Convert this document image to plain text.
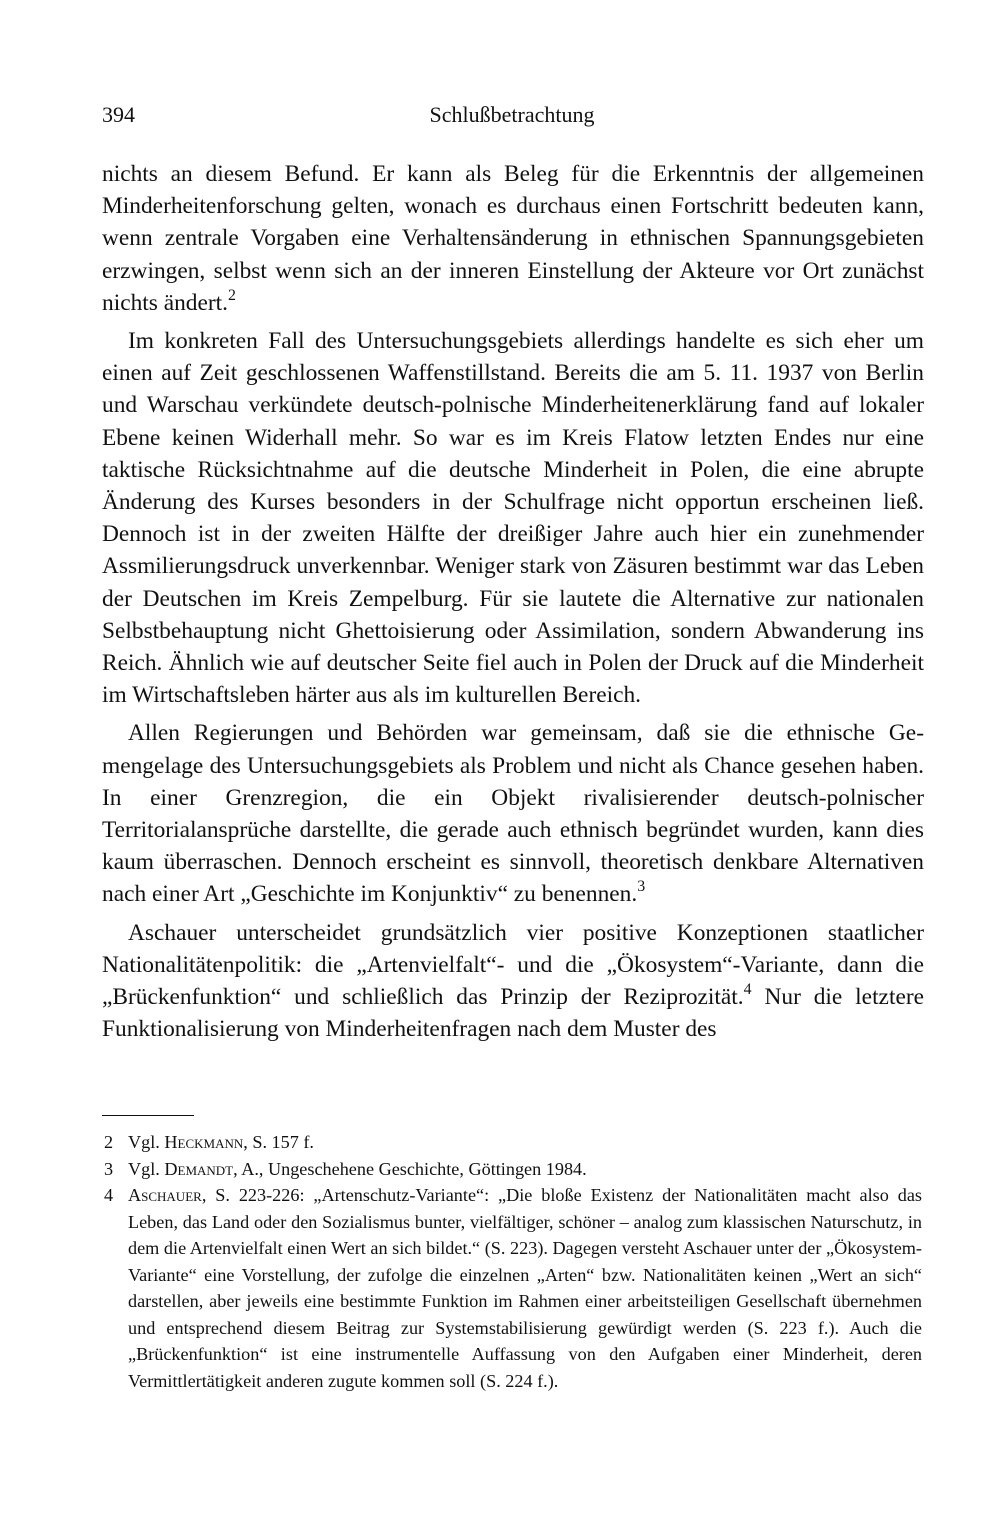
394	Schlußbetrachtung

nichts an diesem Befund. Er kann als Beleg für die Erkenntnis der allgemeinen Minderheitenforschung gelten, wonach es durchaus einen Fortschritt bedeuten kann, wenn zentrale Vorgaben eine Verhaltensänderung in ethnischen Spannungsgebieten erzwingen, selbst wenn sich an der inneren Einstellung der Akteure vor Ort zunächst nichts ändert.$^2$

Im konkreten Fall des Untersuchungsgebiets allerdings handelte es sich eher um einen auf Zeit geschlossenen Waffenstillstand. Bereits die am 5. 11. 1937 von Berlin und Warschau verkündete deutsch-polnische Minderheitenerklärung fand auf lokaler Ebene keinen Widerhall mehr. So war es im Kreis Flatow letzten Endes nur eine taktische Rücksichtnahme auf die deutsche Minderheit in Polen, die eine abrupte Änderung des Kurses besonders in der Schulfrage nicht opportun erscheinen ließ. Dennoch ist in der zweiten Hälfte der dreißiger Jahre auch hier ein zunehmender Assmilierungsdruck unverkennbar. Weniger stark von Zäsuren bestimmt war das Leben der Deutschen im Kreis Zempelburg. Für sie lautete die Alternative zur nationalen Selbstbehauptung nicht Ghettoisierung oder Assimilation, sondern Abwanderung ins Reich. Ähnlich wie auf deutscher Seite fiel auch in Polen der Druck auf die Minderheit im Wirtschaftsleben härter aus als im kulturellen Bereich.

Allen Regierungen und Behörden war gemeinsam, daß sie die ethnische Gemengelage des Untersuchungsgebiets als Problem und nicht als Chance gesehen haben. In einer Grenzregion, die ein Objekt rivalisierender deutsch-polnischer Territorialansprüche darstellte, die gerade auch ethnisch begründet wurden, kann dies kaum überraschen. Dennoch erscheint es sinnvoll, theoretisch denkbare Alternativen nach einer Art „Geschichte im Konjunktiv“ zu benennen.$^3$

Aschauer unterscheidet grundsätzlich vier positive Konzeptionen staatlicher Nationalitätenpolitik: die „Artenvielfalt“- und die „Ökosystem“-Variante, dann die „Brückenfunktion“ und schließlich das Prinzip der Reziprozität.$^4$ Nur die letztere Funktionalisierung von Minderheitenfragen nach dem Muster des

2 Vgl. Heckmann, S. 157 f.
3 Vgl. Demandt, A., Ungeschehene Geschichte, Göttingen 1984.
4 Aschauer, S. 223-226: „Artenschutz-Variante“: „Die bloße Existenz der Nationalitäten macht also das Leben, das Land oder den Sozialismus bunter, vielfältiger, schöner – analog zum klassischen Naturschutz, in dem die Artenvielfalt einen Wert an sich bildet.“ (S. 223). Dagegen versteht Aschauer unter der „Ökosystem-Variante“ eine Vorstellung, der zufolge die einzelnen „Arten“ bzw. Nationalitäten keinen „Wert an sich“ darstellen, aber jeweils eine bestimmte Funktion im Rahmen einer arbeitsteiligen Gesellschaft übernehmen und entsprechend diesem Beitrag zur Systemstabilisierung gewürdigt werden (S. 223 f.). Auch die „Brückenfunktion“ ist eine instrumentelle Auffassung von den Aufgaben einer Minderheit, deren Vermittlertätigkeit anderen zugute kommen soll (S. 224 f.).
